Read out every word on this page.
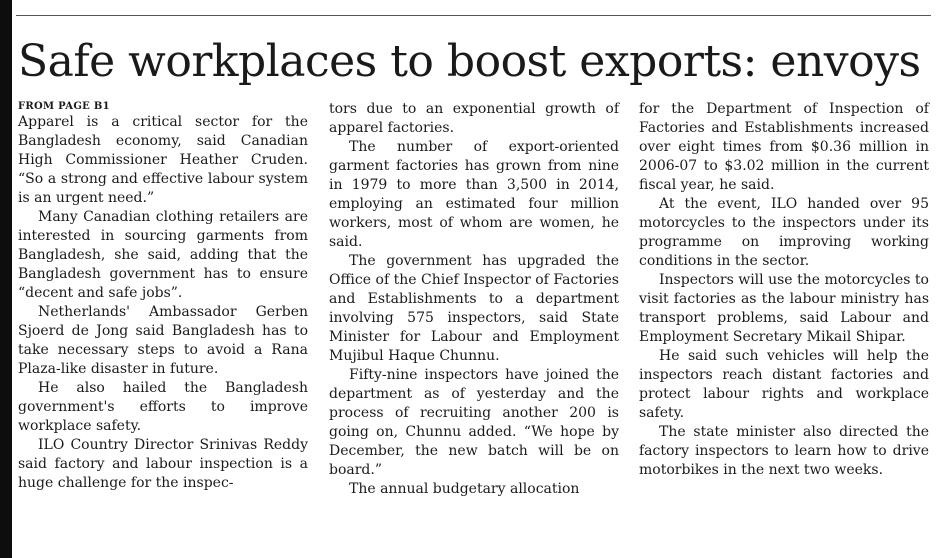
Safe workplaces to boost exports: envoys
FROM PAGE B1

Apparel is a critical sector for the Bangladesh economy, said Canadian High Commissioner Heather Cruden. “So a strong and effective labour system is an urgent need.”

Many Canadian clothing retailers are interested in sourcing garments from Bangladesh, she said, adding that the Bangladesh government has to ensure “decent and safe jobs”.

Netherlands' Ambassador Gerben Sjoerd de Jong said Bangladesh has to take necessary steps to avoid a Rana Plaza-like disaster in future.

He also hailed the Bangladesh government's efforts to improve workplace safety.

ILO Country Director Srinivas Reddy said factory and labour inspection is a huge challenge for the inspec-

tors due to an exponential growth of apparel factories.

The number of export-oriented garment factories has grown from nine in 1979 to more than 3,500 in 2014, employing an estimated four million workers, most of whom are women, he said.

The government has upgraded the Office of the Chief Inspector of Factories and Establishments to a department involving 575 inspectors, said State Minister for Labour and Employment Mujibul Haque Chunnu.

Fifty-nine inspectors have joined the department as of yesterday and the process of recruiting another 200 is going on, Chunnu added. “We hope by December, the new batch will be on board.”

The annual budgetary allocation

for the Department of Inspection of Factories and Establishments increased over eight times from $0.36 million in 2006-07 to $3.02 million in the current fiscal year, he said.

At the event, ILO handed over 95 motorcycles to the inspectors under its programme on improving working conditions in the sector.

Inspectors will use the motorcycles to visit factories as the labour ministry has transport problems, said Labour and Employment Secretary Mikail Shipar.

He said such vehicles will help the inspectors reach distant factories and protect labour rights and workplace safety.

The state minister also directed the factory inspectors to learn how to drive motorbikes in the next two weeks.
